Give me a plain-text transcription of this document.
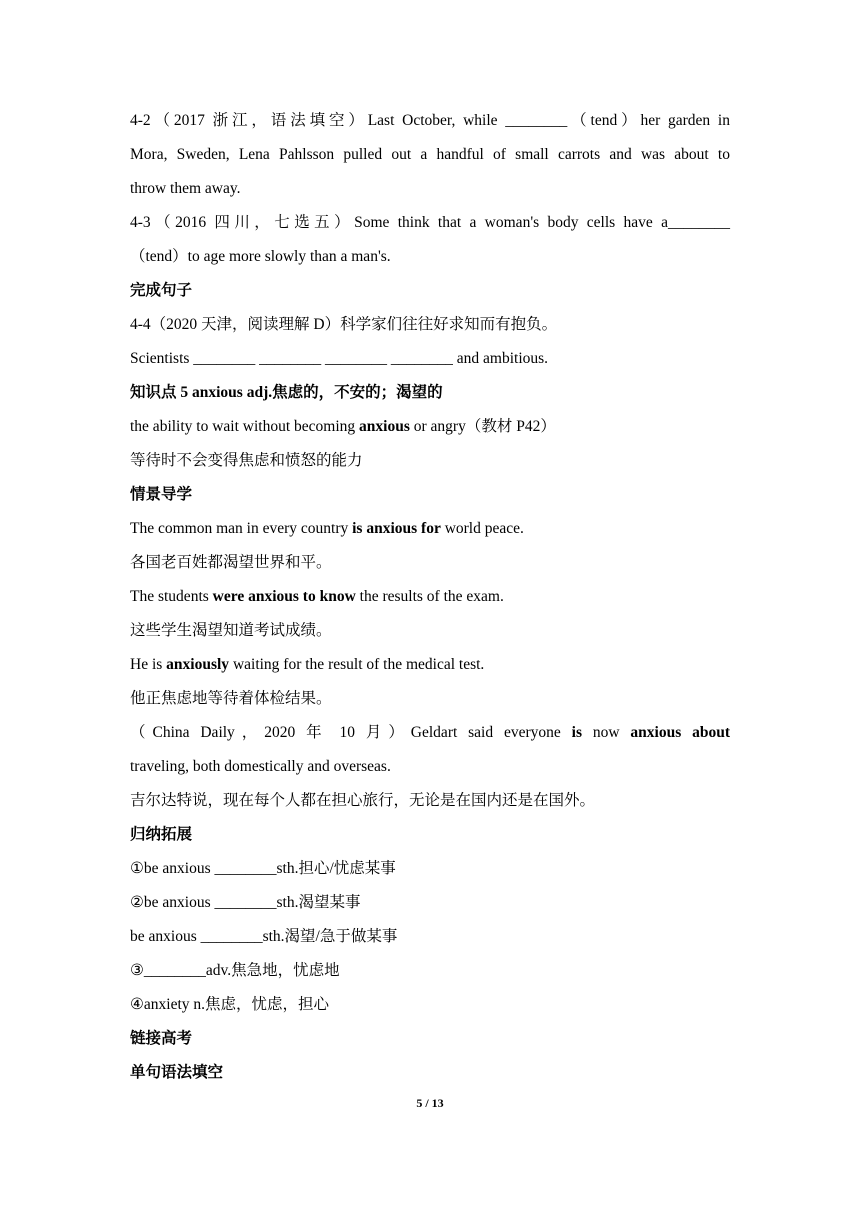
4-2（2017 浙江，语法填空）Last October, while ________（tend）her garden in
Mora, Sweden, Lena Pahlsson pulled out a handful of small carrots and was about to
throw them away.
4-3（2016 四川，七选五）Some think that a woman's body cells have a________
（tend）to age more slowly than a man's.
完成句子
4-4（2020 天津，阅读理解 D）科学家们往往好求知而有抱负。
Scientists ________ ________ ________ ________ and ambitious.
知识点 5 anxious adj.焦虑的，不安的；渴望的
the ability to wait without becoming anxious or angry（教材 P42）
等待时不会变得焦虑和愤怒的能力
情景导学
The common man in every country is anxious for world peace.
各国老百姓都渴望世界和平。
The students were anxious to know the results of the exam.
这些学生渴望知道考试成绩。
He is anxiously waiting for the result of the medical test.
他正焦虑地等待着体检结果。
（China Daily，2020 年 10 月）Geldart said everyone is now anxious about
traveling, both domestically and overseas.
吉尔达特说，现在每个人都在担心旅行，无论是在国内还是在国外。
归纳拓展
①be anxious ________sth.担心/忧虑某事
②be anxious ________sth.渴望某事
be anxious ________sth.渴望/急于做某事
③________adv.焦急地，忧虑地
④anxiety n.焦虑，忧虑，担心
链接高考
单句语法填空
5 / 13
